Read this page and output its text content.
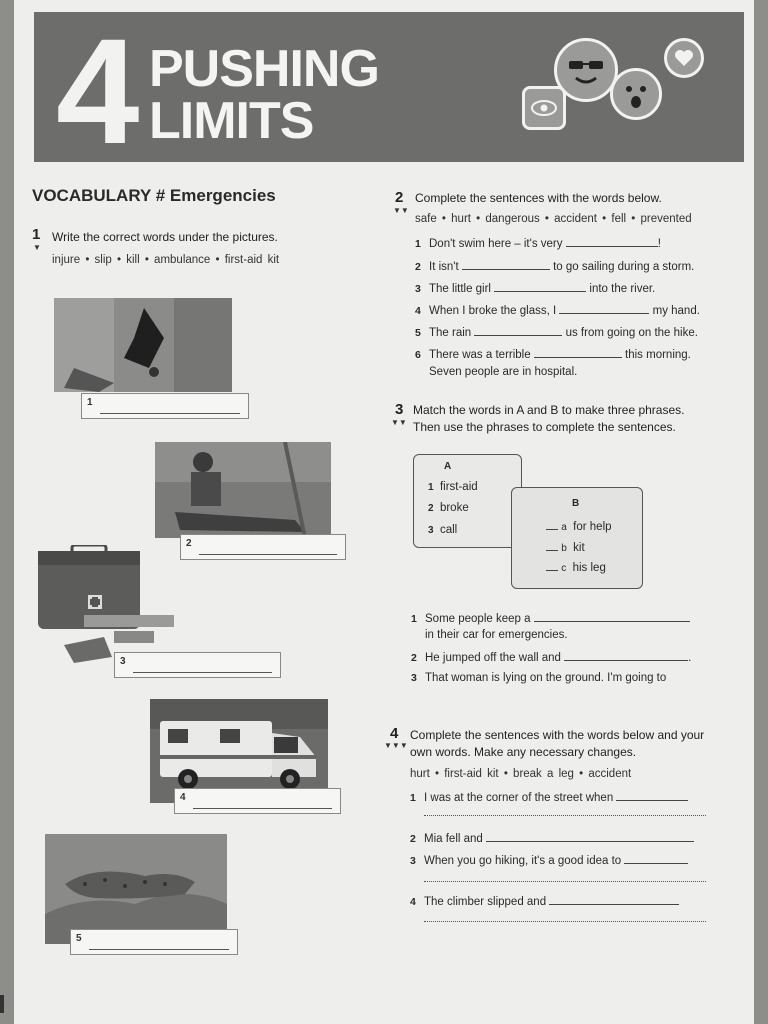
4 PUSHING
LIMITS
VOCABULARY # Emergencies
1
▼
Write the correct words under the pictures.
injure • slip • kill • ambulance • first-aid kit
1
2
3
4
5
2
▼▼
Complete the sentences with the words below.
safe • hurt • dangerous • accident • fell • prevented
1 Don't swim here – it's very	!
2 It isn't	to go sailing during a storm.
3 The little girl	into the river.
4 When I broke the glass, I	my hand.
5 The rain	us from going on the hike.
6 There was a terrible	this morning.
Seven people are in hospital.
3
▼▼
Match the words in A and B to make three phrases.
Then use the phrases to complete the sentences.
A
1 first-aid
2 broke
3 call
B
a for help
b kit
c his leg
1 Some people keep a
in their car for emergencies.
2 He jumped off the wall and	.
3 That woman is lying on the ground. I'm going to
4
▼▼▼
Complete the sentences with the words below and your
own words. Make any necessary changes.
hurt • first-aid kit • break a leg • accident
1 I was at the corner of the street when
2 Mia fell and
3 When you go hiking, it's a good idea to
4 The climber slipped and
